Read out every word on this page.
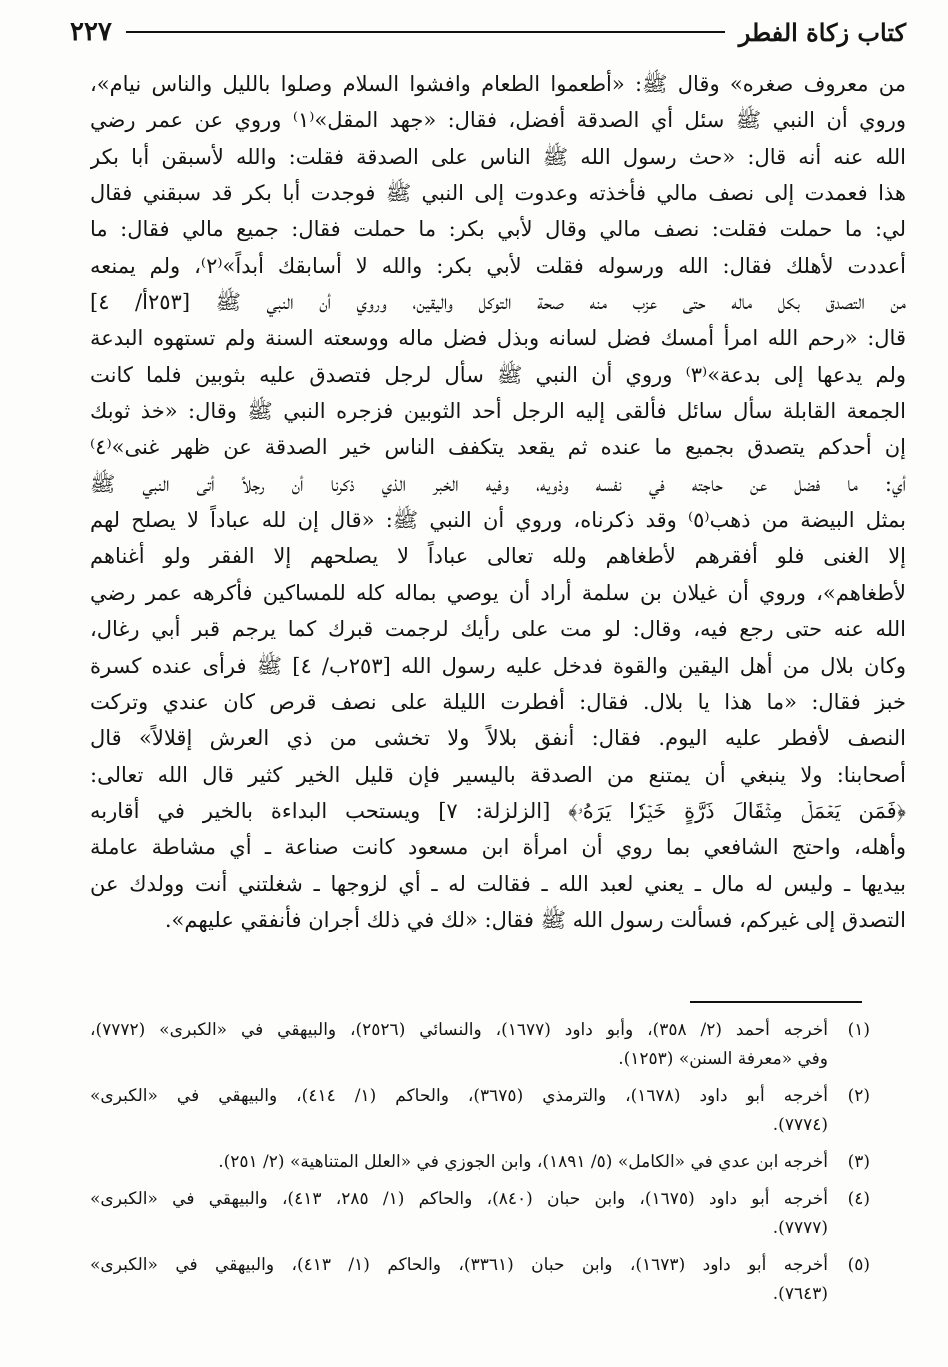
كتاب زكاة الفطر
٢٢٧
من معروف صغره» وقال ﷺ: «أطعموا الطعام وافشوا السلام وصلوا بالليل والناس نيام»،
وروي أن النبي ﷺ سئل أي الصدقة أفضل، فقال: «جهد المقل»⁽١⁾ وروي عن عمر رضي
الله عنه أنه قال: «حث رسول الله ﷺ الناس على الصدقة فقلت: والله لأسبقن أبا بكر
هذا فعمدت إلى نصف مالي فأخذته وعدوت إلى النبي ﷺ فوجدت أبا بكر قد سبقني فقال
لي: ما حملت فقلت: نصف مالي وقال لأبي بكر: ما حملت فقال: جميع مالي فقال: ما
أعددت لأهلك فقال: الله ورسوله فقلت لأبي بكر: والله لا أسابقك أبداً»⁽٢⁾، ولم يمنعه
من التصدق بكل ماله حتى عزب منه صحة التوكل واليقين، وروي أن النبي ﷺ [٢٥٣أ/ ٤]
قال: «رحم الله امرأ أمسك فضل لسانه وبذل فضل ماله ووسعته السنة ولم تستهوه البدعة
ولم يدعها إلى بدعة»⁽٣⁾ وروي أن النبي ﷺ سأل لرجل فتصدق عليه بثوبين فلما كانت
الجمعة القابلة سأل سائل فألقى إليه الرجل أحد الثوبين فزجره النبي ﷺ وقال: «خذ ثوبك
إن أحدكم يتصدق بجميع ما عنده ثم يقعد يتكفف الناس خير الصدقة عن ظهر غنى»⁽٤⁾
أي: ما فضل عن حاجته في نفسه وذويه، وفيه الخبر الذي ذكرنا أن رجلاً أتى النبي ﷺ
بمثل البيضة من ذهب⁽٥⁾ وقد ذكرناه، وروي أن النبي ﷺ: «قال إن لله عباداً لا يصلح لهم
إلا الغنى فلو أفقرهم لأطغاهم ولله تعالى عباداً لا يصلحهم إلا الفقر ولو أغناهم
لأطغاهم»، وروي أن غيلان بن سلمة أراد أن يوصي بماله كله للمساكين فأكرهه عمر رضي
الله عنه حتى رجع فيه، وقال: لو مت على رأيك لرجمت قبرك كما يرجم قبر أبي رغال،
وكان بلال من أهل اليقين والقوة فدخل عليه رسول الله [٢٥٣ب/ ٤] ﷺ فرأى عنده كسرة
خبز فقال: «ما هذا يا بلال. فقال: أفطرت الليلة على نصف قرص كان عندي وتركت
النصف لأفطر عليه اليوم. فقال: أنفق بلالاً ولا تخشى من ذي العرش إقلالاً» قال
أصحابنا: ولا ينبغي أن يمتنع من الصدقة باليسير فإن قليل الخير كثير قال الله تعالى:
﴿فَمَن يَعۡمَلۡ مِثۡقَالَ ذَرَّةٍ خَيۡرٗا يَرَهُۥ﴾ [الزلزلة: ٧] ويستحب البداءة بالخير في أقاربه
وأهله، واحتج الشافعي بما روي أن امرأة ابن مسعود كانت صناعة ـ أي مشاطة عاملة
بيديها ـ وليس له مال ـ يعني لعبد الله ـ فقالت له ـ أي لزوجها ـ شغلتني أنت وولدك عن
التصدق إلى غيركم، فسألت رسول الله ﷺ فقال: «لك في ذلك أجران فأنفقي عليهم».
(١)
أخرجه أحمد (٢/ ٣٥٨)، وأبو داود (١٦٧٧)، والنسائي (٢٥٢٦)، والبيهقي في «الكبرى» (٧٧٧٢)،
وفي «معرفة السنن» (١٢٥٣).
(٢)
أخرجه أبو داود (١٦٧٨)، والترمذي (٣٦٧٥)، والحاكم (١/ ٤١٤)، والبيهقي في «الكبرى»
(٧٧٧٤).
(٣)
أخرجه ابن عدي في «الكامل» (٥/ ١٨٩١)، وابن الجوزي في «العلل المتناهية» (٢/ ٢٥١).
(٤)
أخرجه أبو داود (١٦٧٥)، وابن حبان (٨٤٠)، والحاكم (١/ ٢٨٥، ٤١٣)، والبيهقي في «الكبرى»
(٧٧٧٧).
(٥)
أخرجه أبو داود (١٦٧٣)، وابن حبان (٣٣٦١)، والحاكم (١/ ٤١٣)، والبيهقي في «الكبرى»
(٧٦٤٣).
